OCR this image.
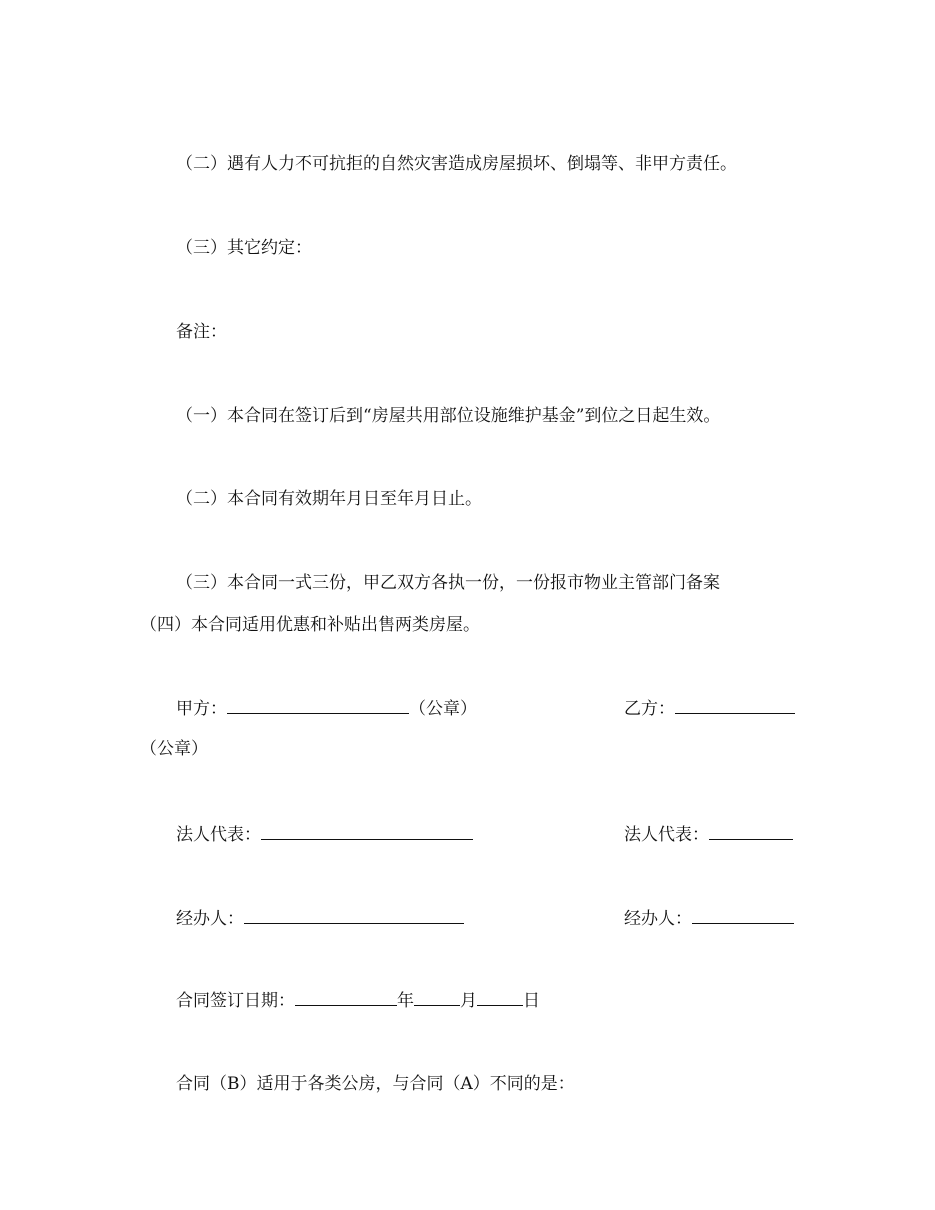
（二）遇有人力不可抗拒的自然灾害造成房屋损坏、倒塌等、非甲方责任。
（三）其它约定：
备注：
（一）本合同在签订后到“房屋共用部位设施维护基金”到位之日起生效。
（二）本合同有效期年月日至年月日止。
（三）本合同一式三份，甲乙双方各执一份，一份报市物业主管部门备案
（四）本合同适用优惠和补贴出售两类房屋。
甲方：	（公章）	乙方：
（公章）
法人代表：	法人代表：
经办人：	经办人：
合同签订日期：	年	月	日
合同（B）适用于各类公房，与合同（A）不同的是：
